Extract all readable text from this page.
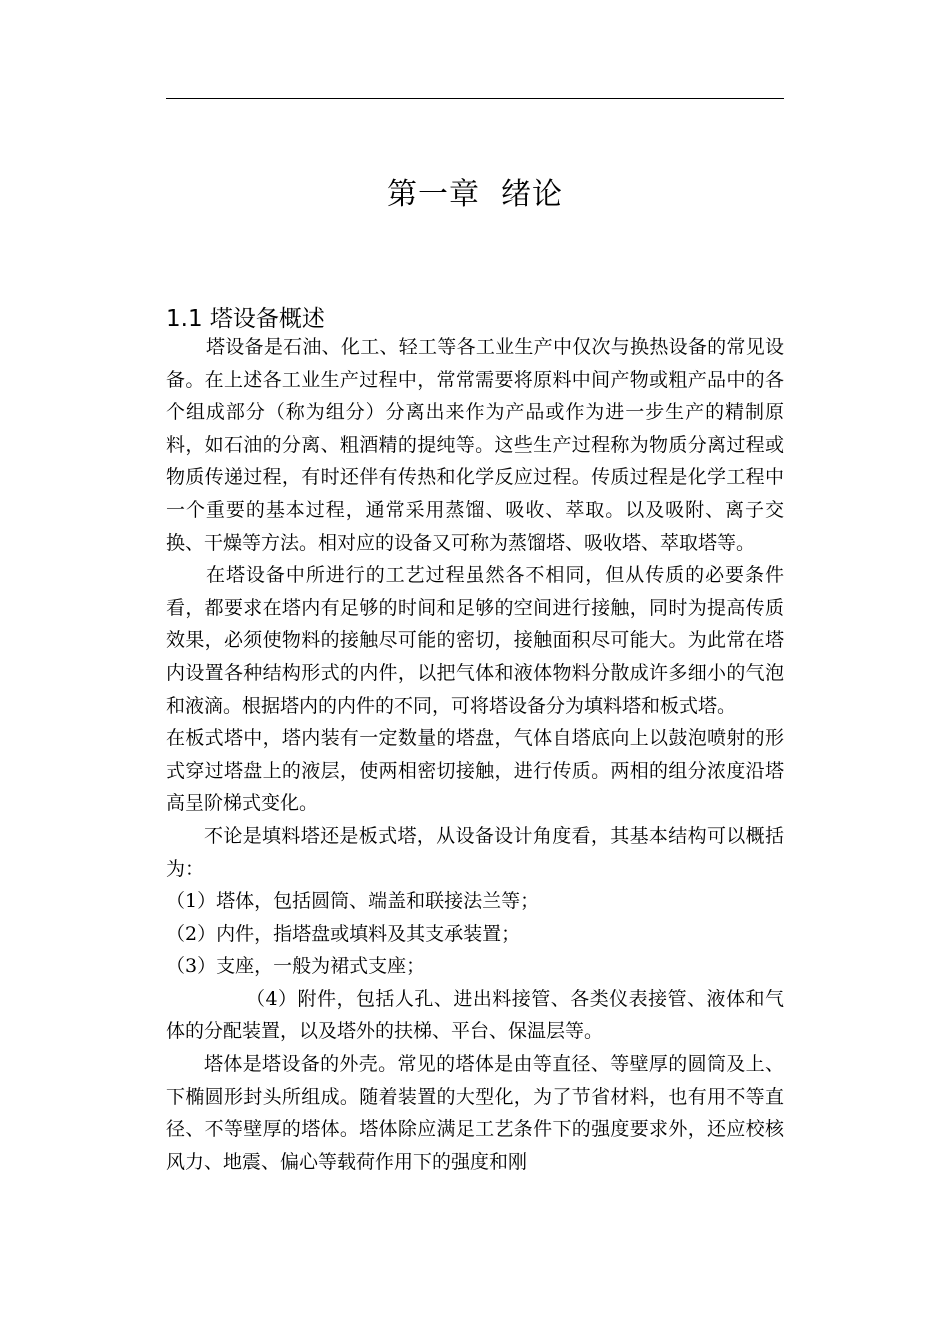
第一章  绪论
1.1 塔设备概述

塔设备是石油、化工、轻工等各工业生产中仅次与换热设备的常见设备。在上述各工业生产过程中，常常需要将原料中间产物或粗产品中的各个组成部分（称为组分）分离出来作为产品或作为进一步生产的精制原料，如石油的分离、粗酒精的提纯等。这些生产过程称为物质分离过程或物质传递过程，有时还伴有传热和化学反应过程。传质过程是化学工程中一个重要的基本过程，通常采用蒸馏、吸收、萃取。以及吸附、离子交换、干燥等方法。相对应的设备又可称为蒸馏塔、吸收塔、萃取塔等。

在塔设备中所进行的工艺过程虽然各不相同，但从传质的必要条件看，都要求在塔内有足够的时间和足够的空间进行接触，同时为提高传质效果，必须使物料的接触尽可能的密切，接触面积尽可能大。为此常在塔内设置各种结构形式的内件，以把气体和液体物料分散成许多细小的气泡和液滴。根据塔内的内件的不同，可将塔设备分为填料塔和板式塔。

在板式塔中，塔内装有一定数量的塔盘，气体自塔底向上以鼓泡喷射的形式穿过塔盘上的液层，使两相密切接触，进行传质。两相的组分浓度沿塔高呈阶梯式变化。

不论是填料塔还是板式塔，从设备设计角度看，其基本结构可以概括为：

（1）塔体，包括圆筒、端盖和联接法兰等；

（2）内件，指塔盘或填料及其支承装置；

（3）支座，一般为裙式支座；

（4）附件，包括人孔、进出料接管、各类仪表接管、液体和气体的分配装置，以及塔外的扶梯、平台、保温层等。

塔体是塔设备的外壳。常见的塔体是由等直径、等壁厚的圆筒及上、下椭圆形封头所组成。随着装置的大型化，为了节省材料，也有用不等直径、不等壁厚的塔体。塔体除应满足工艺条件下的强度要求外，还应校核风力、地震、偏心等载荷作用下的强度和刚
